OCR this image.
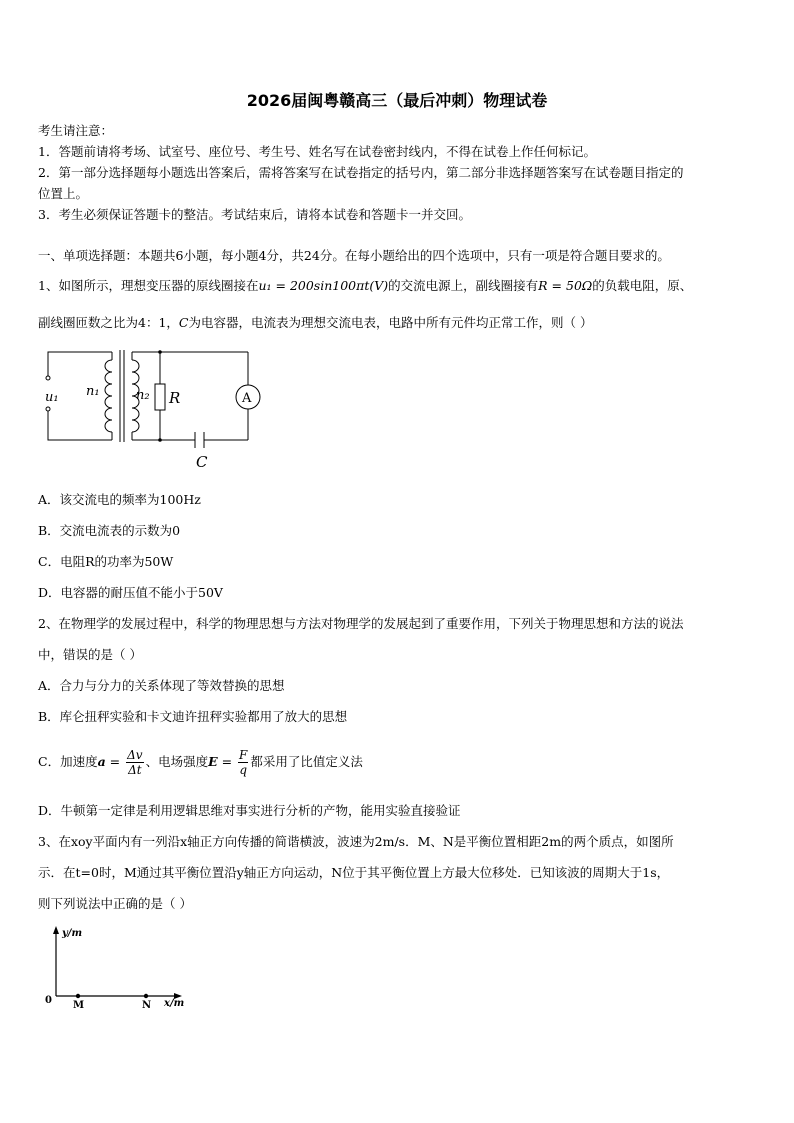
2026届闽粤赣高三（最后冲刺）物理试卷
考生请注意：
1．答题前请将考场、试室号、座位号、考生号、姓名写在试卷密封线内，不得在试卷上作任何标记。
2．第一部分选择题每小题选出答案后，需将答案写在试卷指定的括号内，第二部分非选择题答案写在试卷题目指定的
位置上。
3．考生必须保证答题卡的整洁。考试结束后，请将本试卷和答题卡一并交回。
一、单项选择题：本题共6小题，每小题4分，共24分。在每小题给出的四个选项中，只有一项是符合题目要求的。
1、如图所示，理想变压器的原线圈接在u₁ = 200sin100πt(V)的交流电源上，副线圈接有R = 50Ω的负载电阻，原、
副线圈匝数之比为4：1，C为电容器，电流表为理想交流电表，电路中所有元件均正常工作，则（ ）
u₁ n₁	n₂ R	A
C
A．该交流电的频率为100Hz
B．交流电流表的示数为0
C．电阻R的功率为50W
D．电容器的耐压值不能小于50V
2、在物理学的发展过程中，科学的物理思想与方法对物理学的发展起到了重要作用，下列关于物理思想和方法的说法
中，错误的是（ ）
A．合力与分力的关系体现了等效替换的思想
B．库仑扭秤实验和卡文迪许扭秤实验都用了放大的思想
C．加速度$a = \frac{\Delta v}{\Delta t}$ 、电场强度$E = \frac{F}{q}$ 都采用了比值定义法
D．牛顿第一定律是利用逻辑思维对事实进行分析的产物，能用实验直接验证
3、在xoy平面内有一列沿x轴正方向传播的简谐横波，波速为2m/s．M、N是平衡位置相距2m的两个质点，如图所
示．在t=0时，M通过其平衡位置沿y轴正方向运动，N位于其平衡位置上方最大位移处．已知该波的周期大于1s，
则下列说法中正确的是（ ）
y/m
x/m
0 M	N
